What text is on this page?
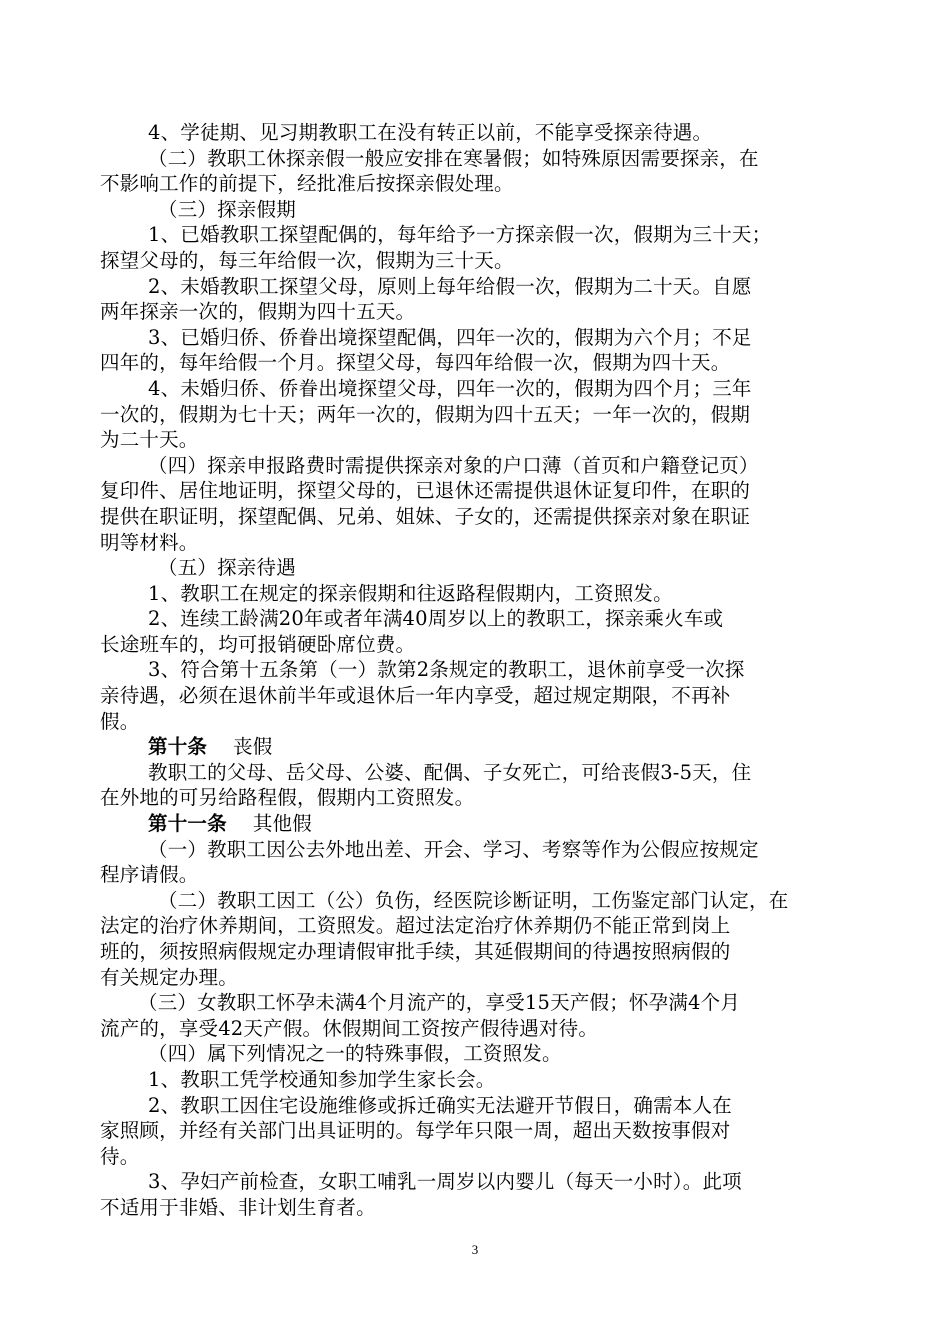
4、学徒期、见习期教职工在没有转正以前，不能享受探亲待遇。
（二）教职工休探亲假一般应安排在寒暑假；如特殊原因需要探亲，在
不影响工作的前提下，经批准后按探亲假处理。
（三）探亲假期
1、已婚教职工探望配偶的，每年给予一方探亲假一次，假期为三十天；
探望父母的，每三年给假一次，假期为三十天。
2、未婚教职工探望父母，原则上每年给假一次，假期为二十天。自愿
两年探亲一次的，假期为四十五天。
3、已婚归侨、侨眷出境探望配偶，四年一次的，假期为六个月；不足
四年的，每年给假一个月。探望父母，每四年给假一次，假期为四十天。
4、未婚归侨、侨眷出境探望父母，四年一次的，假期为四个月；三年
一次的，假期为七十天；两年一次的，假期为四十五天；一年一次的，假期
为二十天。
（四）探亲申报路费时需提供探亲对象的户口薄（首页和户籍登记页）
复印件、居住地证明，探望父母的，已退休还需提供退休证复印件，在职的
提供在职证明，探望配偶、兄弟、姐妹、子女的，还需提供探亲对象在职证
明等材料。
（五）探亲待遇
1、教职工在规定的探亲假期和往返路程假期内，工资照发。
2、连续工龄满20年或者年满40周岁以上的教职工，探亲乘火车或
长途班车的，均可报销硬卧席位费。
3、符合第十五条第（一）款第2条规定的教职工，退休前享受一次探
亲待遇，必须在退休前半年或退休后一年内享受，超过规定期限，不再补
假。
第十条 丧假
教职工的父母、岳父母、公婆、配偶、子女死亡，可给丧假3-5天，住
在外地的可另给路程假，假期内工资照发。
第十一条 其他假
（一）教职工因公去外地出差、开会、学习、考察等作为公假应按规定
程序请假。
（二）教职工因工（公）负伤，经医院诊断证明，工伤鉴定部门认定，在
法定的治疗休养期间，工资照发。超过法定治疗休养期仍不能正常到岗上
班的，须按照病假规定办理请假审批手续，其延假期间的待遇按照病假的
有关规定办理。
（三）女教职工怀孕未满4个月流产的，享受15天产假；怀孕满4个月
流产的，享受42天产假。休假期间工资按产假待遇对待。
（四）属下列情况之一的特殊事假，工资照发。
1、教职工凭学校通知参加学生家长会。
2、教职工因住宅设施维修或拆迁确实无法避开节假日，确需本人在
家照顾，并经有关部门出具证明的。每学年只限一周，超出天数按事假对
待。
3、孕妇产前检查，女职工哺乳一周岁以内婴儿（每天一小时）。此项
不适用于非婚、非计划生育者。
3
